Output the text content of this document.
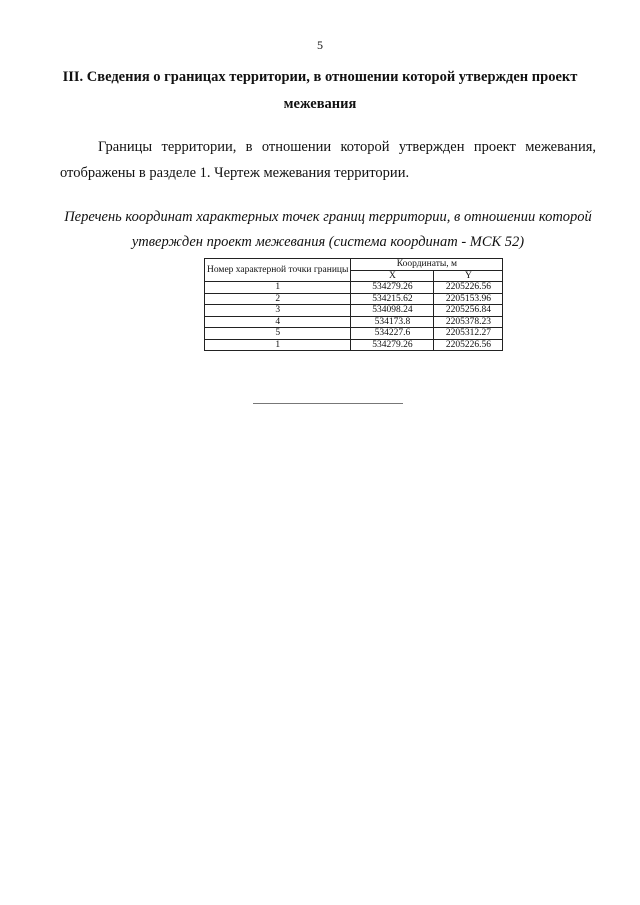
5
III. Сведения о границах территории, в отношении которой утвержден проект межевания
Границы территории, в отношении которой утвержден проект межевания, отображены в разделе 1. Чертеж межевания территории.
Перечень координат характерных точек границ территории, в отношении которой утвержден проект межевания (система координат - МСК 52)
Номер характерной точки границы	Координаты, м	
	X	Y
1	534279.26	2205226.56
2	534215.62	2205153.96
3	534098.24	2205256.84
4	534173.8	2205378.23
5	534227.6	2205312.27
1	534279.26	2205226.56
